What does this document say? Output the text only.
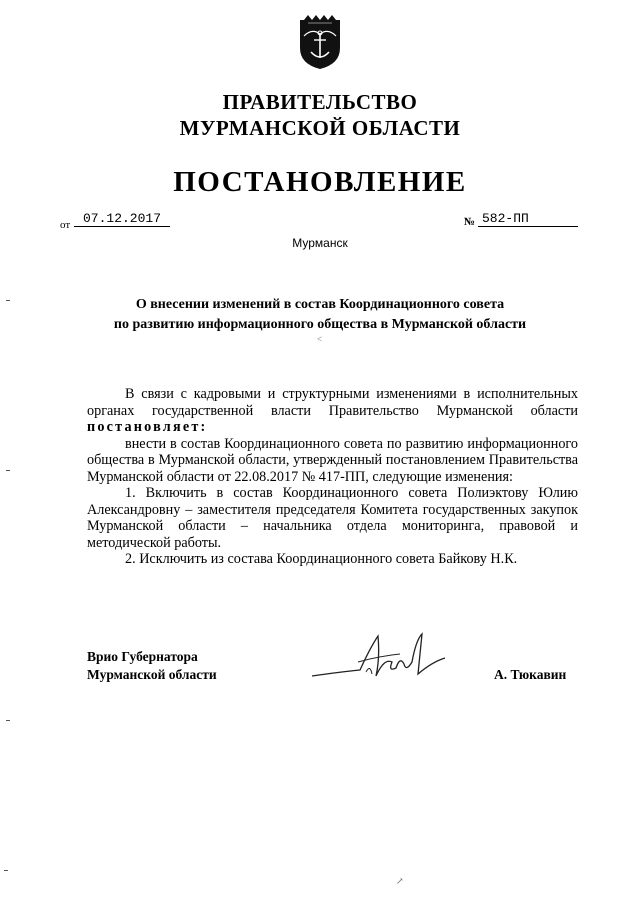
ПРАВИТЕЛЬСТВО
МУРМАНСКОЙ ОБЛАСТИ
ПОСТАНОВЛЕНИЕ
от 07.12.2017	№ 582-ПП
Мурманск
О внесении изменений в состав Координационного совета
по развитию информационного общества в Мурманской области
<

В связи с кадровыми и структурными изменениями в исполнительных органах государственной власти Правительство Мурманской области постановляет:

внести в состав Координационного совета по развитию информационного общества в Мурманской области, утвержденный постановлением Правительства Мурманской области от 22.08.2017 № 417-ПП, следующие изменения:

1. Включить в состав Координационного совета Полиэктову Юлию Александровну – заместителя председателя Комитета государственных закупок Мурманской области – начальника отдела мониторинга, правовой и методической работы.

2. Исключить из состава Координационного совета Байкову Н.К.

Врио Губернатора
Мурманской области	А. Тюкавин
↗
